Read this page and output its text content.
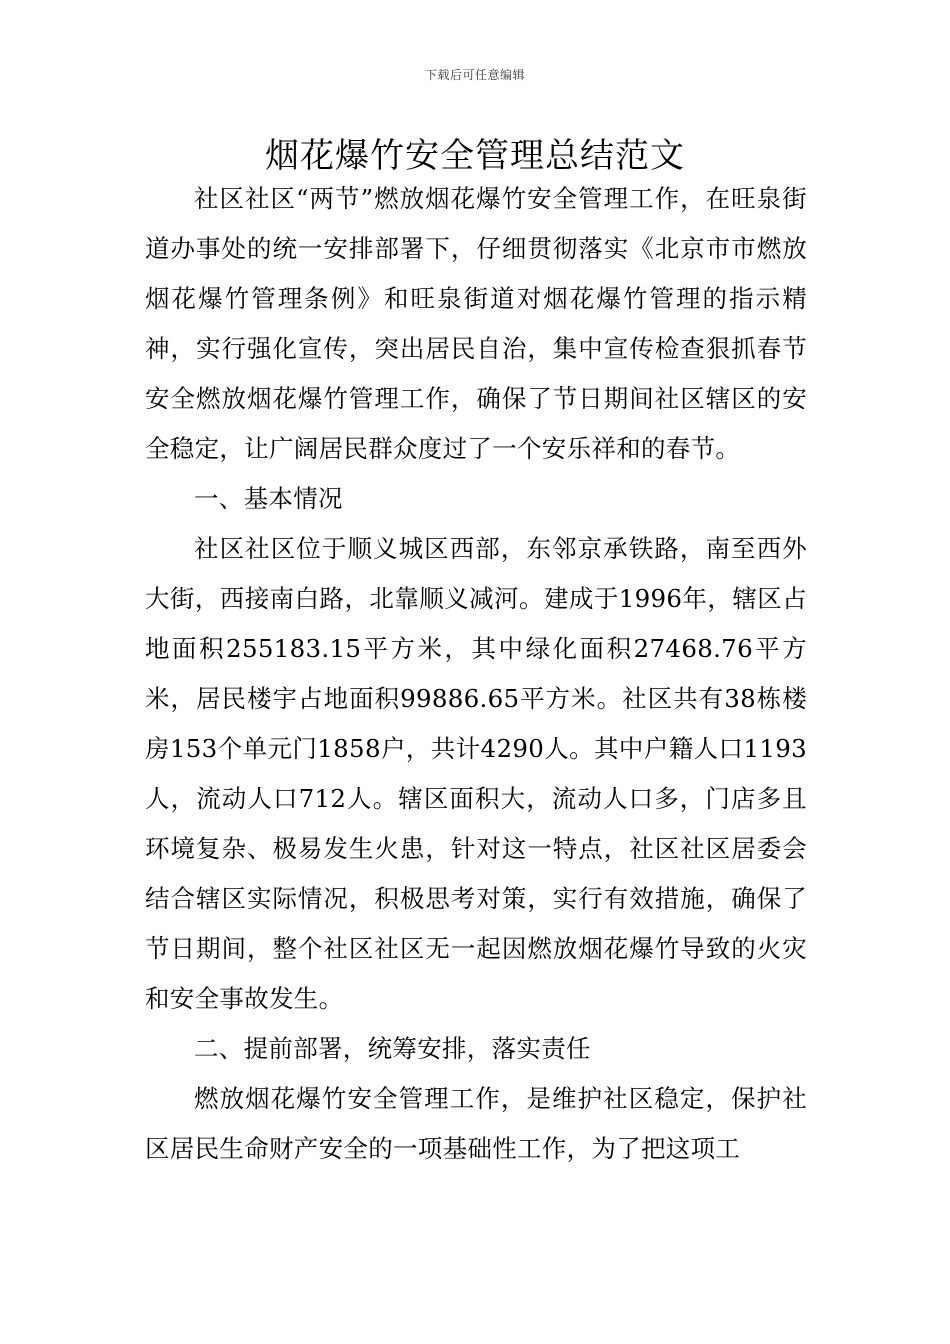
下载后可任意编辑
烟花爆竹安全管理总结范文

社区社区“两节”燃放烟花爆竹安全管理工作，在旺泉街道办事处的统一安排部署下，仔细贯彻落实《北京市市燃放烟花爆竹管理条例》和旺泉街道对烟花爆竹管理的指示精神，实行强化宣传，突出居民自治，集中宣传检查狠抓春节安全燃放烟花爆竹管理工作，确保了节日期间社区辖区的安全稳定，让广阔居民群众度过了一个安乐祥和的春节。

一、基本情况

社区社区位于顺义城区西部，东邻京承铁路，南至西外大街，西接南白路，北靠顺义减河。建成于1996年，辖区占地面积255183.15平方米，其中绿化面积27468.76平方米，居民楼宇占地面积99886.65平方米。社区共有38栋楼房153个单元门1858户，共计4290人。其中户籍人口1193人，流动人口712人。辖区面积大，流动人口多，门店多且环境复杂、极易发生火患，针对这一特点，社区社区居委会结合辖区实际情况，积极思考对策，实行有效措施，确保了节日期间，整个社区社区无一起因燃放烟花爆竹导致的火灾和安全事故发生。

二、提前部署，统筹安排，落实责任

燃放烟花爆竹安全管理工作，是维护社区稳定，保护社区居民生命财产安全的一项基础性工作，为了把这项工
